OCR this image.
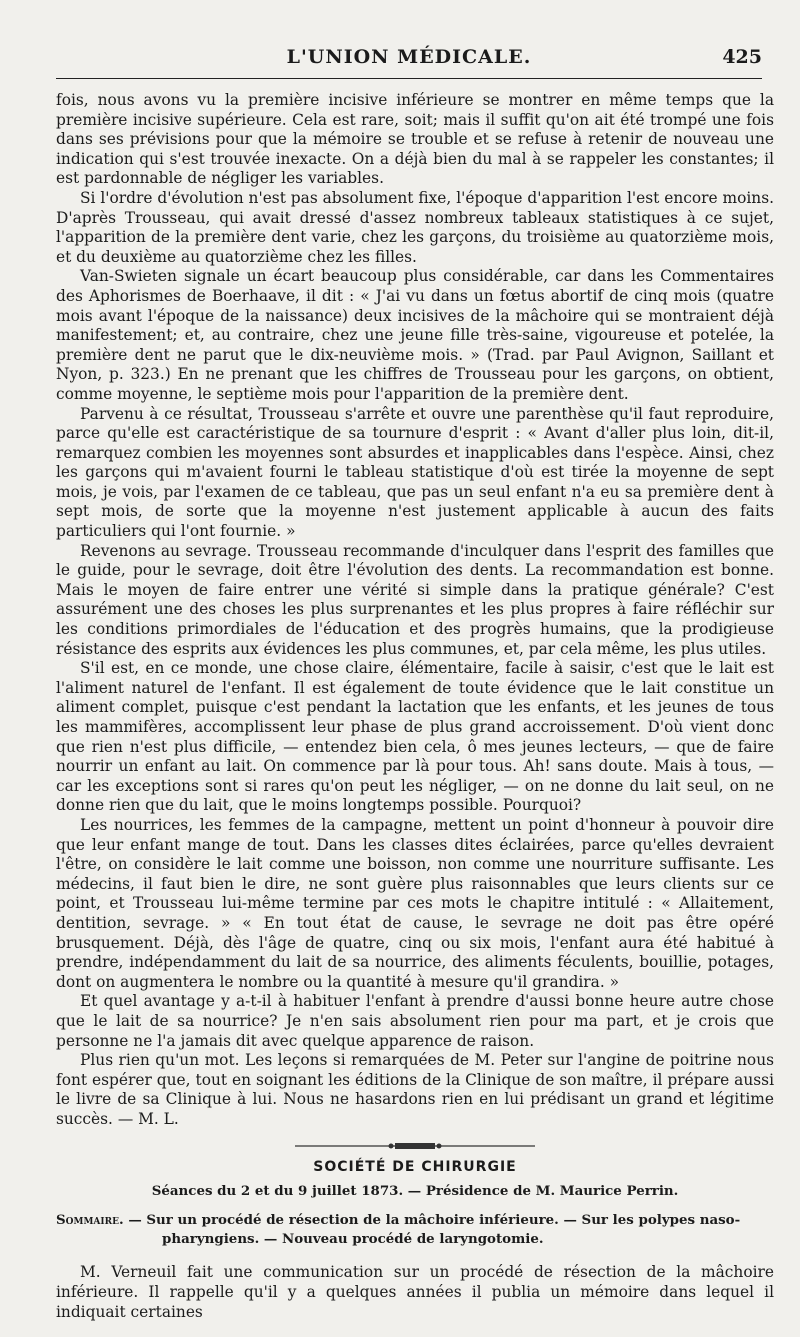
L'UNION MÉDICALE.	425

fois, nous avons vu la première incisive inférieure se montrer en même temps que la première incisive supérieure. Cela est rare, soit; mais il suffit qu'on ait été trompé une fois dans ses prévisions pour que la mémoire se trouble et se refuse à retenir de nouveau une indication qui s'est trouvée inexacte. On a déjà bien du mal à se rappeler les constantes; il est pardonnable de négliger les variables.

Si l'ordre d'évolution n'est pas absolument fixe, l'époque d'apparition l'est encore moins. D'après Trousseau, qui avait dressé d'assez nombreux tableaux statistiques à ce sujet, l'apparition de la première dent varie, chez les garçons, du troisième au quatorzième mois, et du deuxième au quatorzième chez les filles.

Van-Swieten signale un écart beaucoup plus considérable, car dans les Commentaires des Aphorismes de Boerhaave, il dit : « J'ai vu dans un fœtus abortif de cinq mois (quatre mois avant l'époque de la naissance) deux incisives de la mâchoire qui se montraient déjà manifestement; et, au contraire, chez une jeune fille très-saine, vigoureuse et potelée, la première dent ne parut que le dix-neuvième mois. » (Trad. par Paul Avignon, Saillant et Nyon, p. 323.) En ne prenant que les chiffres de Trousseau pour les garçons, on obtient, comme moyenne, le septième mois pour l'apparition de la première dent.

Parvenu à ce résultat, Trousseau s'arrête et ouvre une parenthèse qu'il faut reproduire, parce qu'elle est caractéristique de sa tournure d'esprit : « Avant d'aller plus loin, dit-il, remarquez combien les moyennes sont absurdes et inapplicables dans l'espèce. Ainsi, chez les garçons qui m'avaient fourni le tableau statistique d'où est tirée la moyenne de sept mois, je vois, par l'examen de ce tableau, que pas un seul enfant n'a eu sa première dent à sept mois, de sorte que la moyenne n'est justement applicable à aucun des faits particuliers qui l'ont fournie. »

Revenons au sevrage. Trousseau recommande d'inculquer dans l'esprit des familles que le guide, pour le sevrage, doit être l'évolution des dents. La recommandation est bonne. Mais le moyen de faire entrer une vérité si simple dans la pratique générale? C'est assurément une des choses les plus surprenantes et les plus propres à faire réfléchir sur les conditions primordiales de l'éducation et des progrès humains, que la prodigieuse résistance des esprits aux évidences les plus communes, et, par cela même, les plus utiles.

S'il est, en ce monde, une chose claire, élémentaire, facile à saisir, c'est que le lait est l'aliment naturel de l'enfant. Il est également de toute évidence que le lait constitue un aliment complet, puisque c'est pendant la lactation que les enfants, et les jeunes de tous les mammifères, accomplissent leur phase de plus grand accroissement. D'où vient donc que rien n'est plus difficile, — entendez bien cela, ô mes jeunes lecteurs, — que de faire nourrir un enfant au lait. On commence par là pour tous. Ah! sans doute. Mais à tous, — car les exceptions sont si rares qu'on peut les négliger, — on ne donne du lait seul, on ne donne rien que du lait, que le moins longtemps possible. Pourquoi?

Les nourrices, les femmes de la campagne, mettent un point d'honneur à pouvoir dire que leur enfant mange de tout. Dans les classes dites éclairées, parce qu'elles devraient l'être, on considère le lait comme une boisson, non comme une nourriture suffisante. Les médecins, il faut bien le dire, ne sont guère plus raisonnables que leurs clients sur ce point, et Trousseau lui-même termine par ces mots le chapitre intitulé : « Allaitement, dentition, sevrage. » « En tout état de cause, le sevrage ne doit pas être opéré brusquement. Déjà, dès l'âge de quatre, cinq ou six mois, l'enfant aura été habitué à prendre, indépendamment du lait de sa nourrice, des aliments féculents, bouillie, potages, dont on augmentera le nombre ou la quantité à mesure qu'il grandira. »

Et quel avantage y a-t-il à habituer l'enfant à prendre d'aussi bonne heure autre chose que le lait de sa nourrice? Je n'en sais absolument rien pour ma part, et je crois que personne ne l'a jamais dit avec quelque apparence de raison.

Plus rien qu'un mot. Les leçons si remarquées de M. Peter sur l'angine de poitrine nous font espérer que, tout en soignant les éditions de la Clinique de son maître, il prépare aussi le livre de sa Clinique à lui. Nous ne hasardons rien en lui prédisant un grand et légitime succès. — M. L.

SOCIÉTÉ DE CHIRURGIE
Séances du 2 et du 9 juillet 1873. — Présidence de M. Maurice Perrin.
Sommaire. — Sur un procédé de résection de la mâchoire inférieure. — Sur les polypes naso-pharyngiens. — Nouveau procédé de laryngotomie.

M. Verneuil fait une communication sur un procédé de résection de la mâchoire inférieure. Il rappelle qu'il y a quelques années il publia un mémoire dans lequel il indiquait certaines
